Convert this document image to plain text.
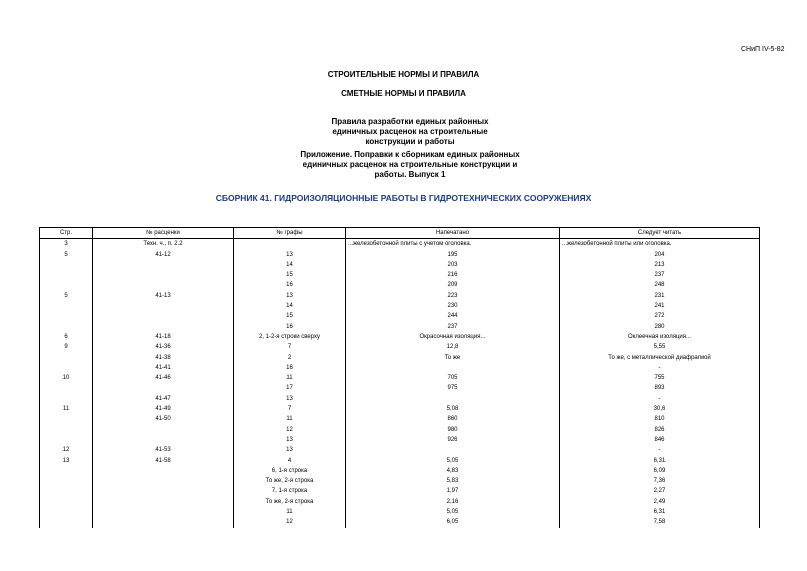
СНиП IV-5-82
СТРОИТЕЛЬНЫЕ НОРМЫ И ПРАВИЛА
СМЕТНЫЕ НОРМЫ И ПРАВИЛА
Правила разработки единых районных единичных расценок на строительные конструкции и работы
Приложение. Поправки к сборникам единых районных единичных расценок на строительные конструкции и работы. Выпуск 1
СБОРНИК 41. ГИДРОИЗОЛЯЦИОННЫЕ РАБОТЫ В ГИДРОТЕХНИЧЕСКИХ СООРУЖЕНИЯХ
Стр.	№ расценки	№ графы	Напечатано	Следует читать
3	Техн. ч., п. 2.2		...железобетонной плиты с учетом оголовка.	...железобетонной плиты или оголовка.
5	41-12	13	195	204
		14	203	213
		15	216	237
		16	209	248
5	41-13	13	223	231
		14	230	241
		15	244	272
		16	237	280
6	41-18	2, 1-2-я строки сверху	Окрасочная изоляция...	Оклеечная изоляция...
9	41-36	7	12,8	5,55
	41-38	2	То же	То же, с металлической диафрагмой
	41-41	16		-
10	41-46	11	705	755
		17	975	893
	41-47	13		-
11	41-49	7	5,08	30,6
	41-50	11	860	810
		12	980	826
		13	926	846
12	41-53	13		-
13	41-58	4	5,05	6,31
		6, 1-я строка	4,83	6,09
		То же, 2-я строка	5,83	7,36
		7, 1-я строка	1,97	2,27
		То же, 2-я строка	2,16	2,49
		11	5,05	6,31
		12	6,05	7,58
